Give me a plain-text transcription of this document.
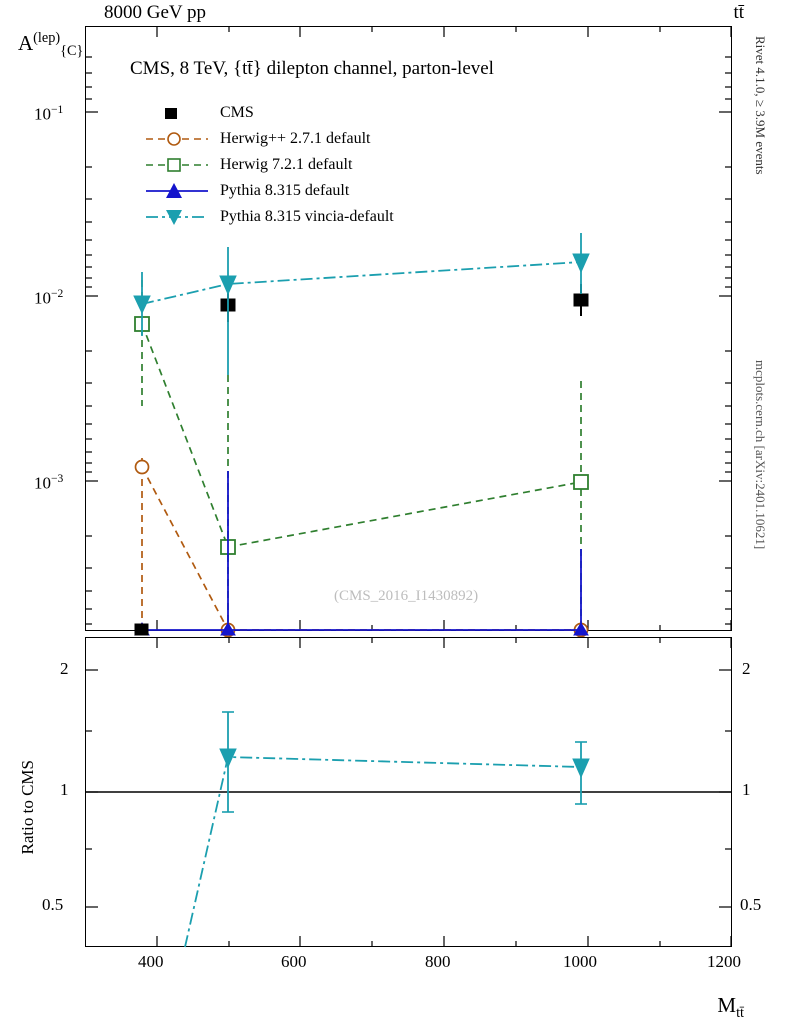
8000 GeV pp	tt̄
Rivet 4.1.0, ≥ 3.9M events
mcplots.cern.ch [arXiv:2401.10621]
$A^{(lep)}_{\{C\}}$
$10^{-1}$
$10^{-2}$
$10^{-3}$
CMS, 8 TeV, {tt̄} dilepton channel, parton-level
CMS
Herwig++ 2.7.1 default
Herwig 7.2.1 default
Pythia 8.315 default
Pythia 8.315 vincia-default
(CMS_2016_I1430892)
Ratio to CMS
2
1
0.5
2
1
0.5
400	600	800	1000	1200
$M_{tt̄}$
